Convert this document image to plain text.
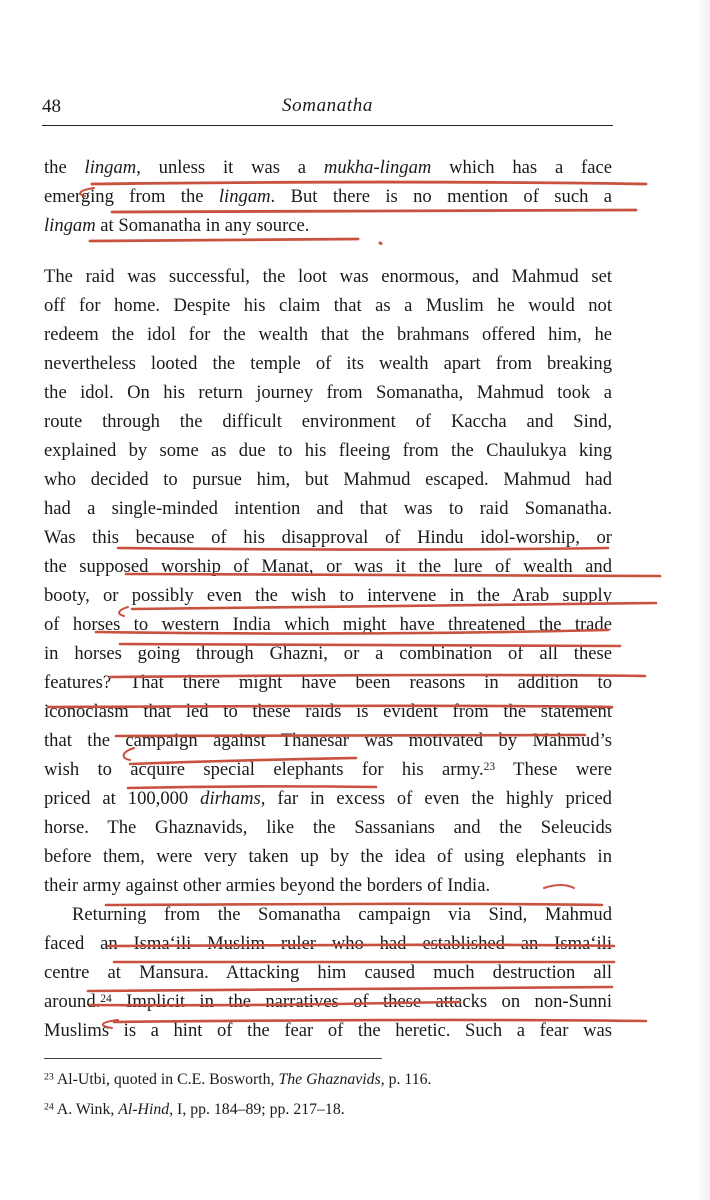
48	Somanatha
the lingam, unless it was a mukha-lingam which has a face
emerging from the lingam. But there is no mention of such a
lingam at Somanatha in any source.
The raid was successful, the loot was enormous, and Mahmud set
off for home. Despite his claim that as a Muslim he would not
redeem the idol for the wealth that the brahmans offered him, he
nevertheless looted the temple of its wealth apart from breaking
the idol. On his return journey from Somanatha, Mahmud took a
route through the difficult environment of Kaccha and Sind,
explained by some as due to his fleeing from the Chaulukya king
who decided to pursue him, but Mahmud escaped. Mahmud had
had a single-minded intention and that was to raid Somanatha.
Was this because of his disapproval of Hindu idol-worship, or
the supposed worship of Manat, or was it the lure of wealth and
booty, or possibly even the wish to intervene in the Arab supply
of horses to western India which might have threatened the trade
in horses going through Ghazni, or a combination of all these
features? That there might have been reasons in addition to
iconoclasm that led to these raids is evident from the statement
that the campaign against Thanesar was motivated by Mahmud’s
wish to acquire special elephants for his army.$^{23}$ These were
priced at 100,000 dirhams, far in excess of even the highly priced
horse. The Ghaznavids, like the Sassanians and the Seleucids
before them, were very taken up by the idea of using elephants in
their army against other armies beyond the borders of India.
Returning from the Somanatha campaign via Sind, Mahmud
faced an Isma‘ili Muslim ruler who had established an Isma‘ili
centre at Mansura. Attacking him caused much destruction all
around.$^{24}$ Implicit in the narratives of these attacks on non-Sunni
Muslims is a hint of the fear of the heretic. Such a fear was
$^{23}$ Al-Utbi, quoted in C.E. Bosworth, The Ghaznavids, p. 116.
$^{24}$ A. Wink, Al-Hind, I, pp. 184–89; pp. 217–18.
